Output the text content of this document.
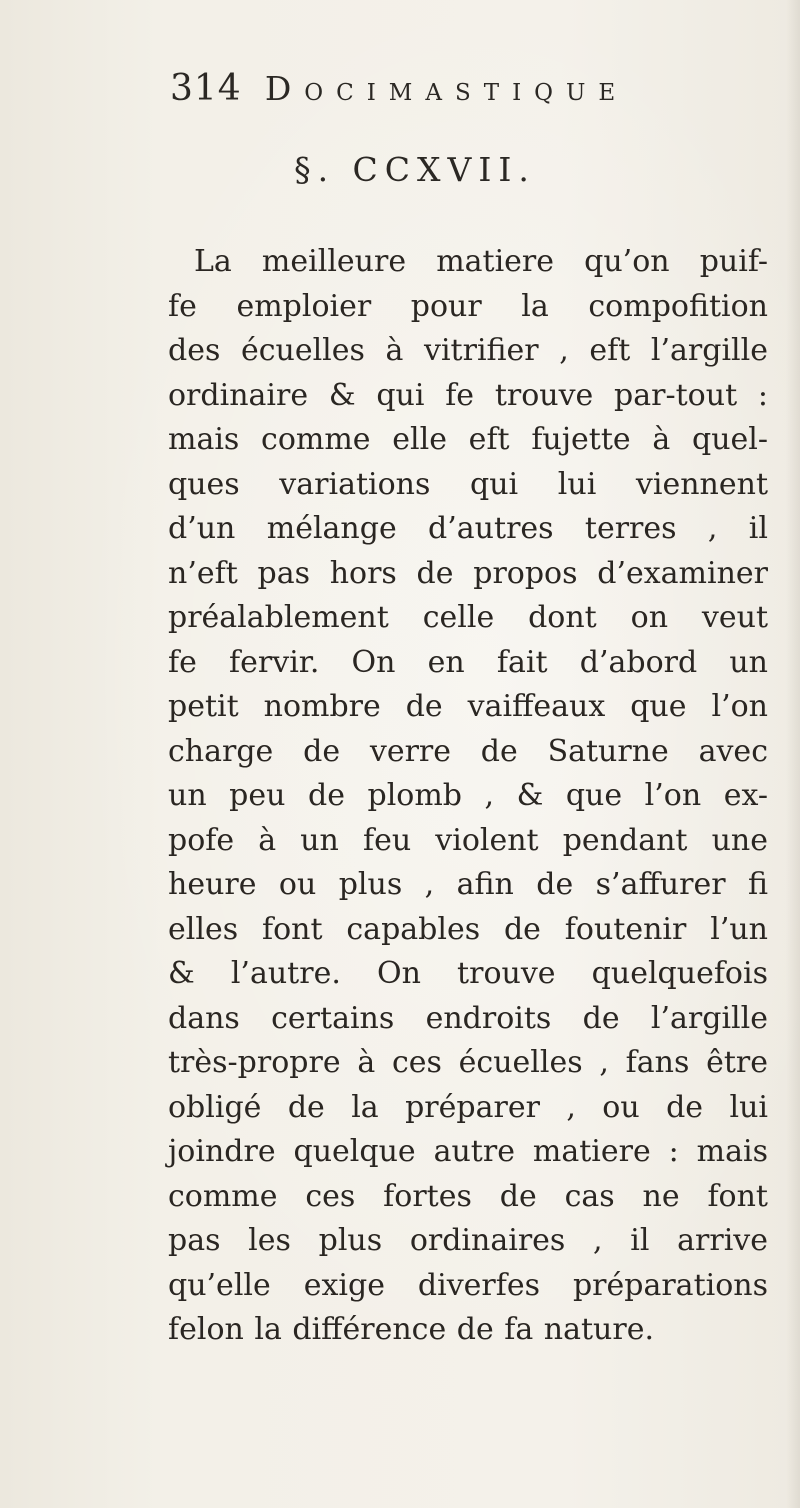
314 Docimastique
§. CCXVII.
La meilleure matiere qu’on puif-
fe emploier pour la compofition
des écuelles à vitrifier , eft l’argille
ordinaire & qui fe trouve par-tout :
mais comme elle eft fujette à quel-
ques variations qui lui viennent
d’un mélange d’autres terres , il
n’eft pas hors de propos d’examiner
préalablement celle dont on veut
fe fervir. On en fait d’abord un
petit nombre de vaiffeaux que l’on
charge de verre de Saturne avec
un peu de plomb , & que l’on ex-
pofe à un feu violent pendant une
heure ou plus , afin de s’affurer fi
elles font capables de foutenir l’un
& l’autre. On trouve quelquefois
dans certains endroits de l’argille
très-propre à ces écuelles , fans être
obligé de la préparer , ou de lui
joindre quelque autre matiere : mais
comme ces fortes de cas ne font
pas les plus ordinaires , il arrive
qu’elle exige diverfes préparations
felon la différence de fa nature.
